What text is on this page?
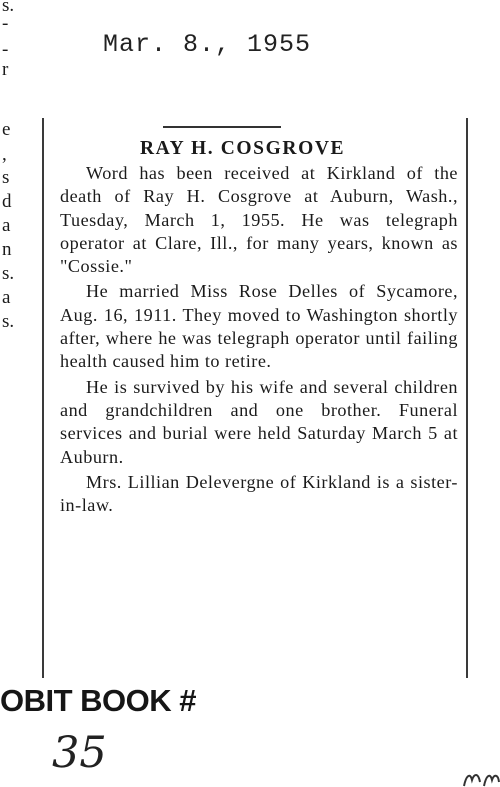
s.
-
-
r
e
,
s
d
a
n
s.
a
s.
Mar. 8., 1955
RAY H. COSGROVE

Word has been received at Kirkland of the death of Ray H. Cosgrove at Auburn, Wash., Tuesday, March 1, 1955. He was telegraph operator at Clare, Ill., for many years, known as "Cossie."

He married Miss Rose Delles of Sycamore, Aug. 16, 1911. They moved to Washington shortly after, where he was telegraph operator until failing health caused him to retire.

He is survived by his wife and several children and grandchildren and one brother. Funeral services and burial were held Saturday March 5 at Auburn.

Mrs. Lillian Delevergne of Kirkland is a sister-in-law.

OBIT BOOK #
35
